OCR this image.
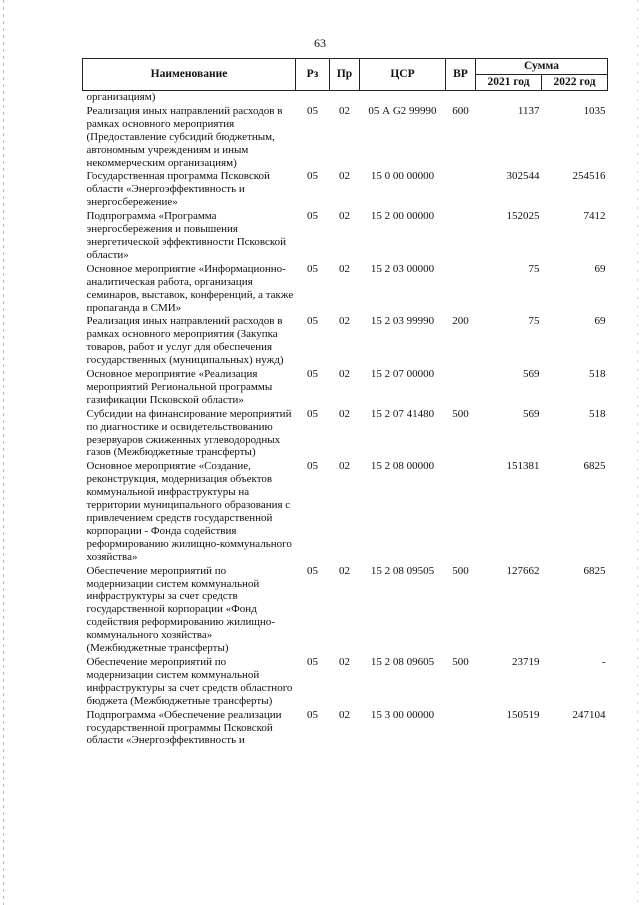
63
Наименование	Рз	Пр	ЦСР	ВР	Сумма	
					2021 год	2022 год
организациям)						
Реализация иных направлений расходов в рамках основного мероприятия (Предоставление субсидий бюджетным, автономным учреждениям и иным некоммерческим организациям)	05	02	05 А G2 99990	600	1137	1035
Государственная программа Псковской области «Энергоэффективность и энергосбережение»	05	02	15 0 00 00000		302544	254516
Подпрограмма «Программа энергосбережения и повышения энергетической эффективности Псковской области»	05	02	15 2 00 00000		152025	7412
Основное мероприятие «Информационно-аналитическая работа, организация семинаров, выставок, конференций, а также пропаганда в СМИ»	05	02	15 2 03 00000		75	69
Реализация иных направлений расходов в рамках основного мероприятия (Закупка товаров, работ и услуг для обеспечения государственных (муниципальных) нужд)	05	02	15 2 03 99990	200	75	69
Основное мероприятие «Реализация мероприятий Региональной программы газификации Псковской области»	05	02	15 2 07 00000		569	518
Субсидии на финансирование мероприятий по диагностике и освидетельствованию резервуаров сжиженных углеводородных газов (Межбюджетные трансферты)	05	02	15 2 07 41480	500	569	518
Основное мероприятие «Создание, реконструкция, модернизация объектов коммунальной инфраструктуры на территории муниципального образования с привлечением средств государственной корпорации - Фонда содействия реформированию жилищно-коммунального хозяйства»	05	02	15 2 08 00000		151381	6825
Обеспечение мероприятий по модернизации систем коммунальной инфраструктуры за счет средств государственной корпорации «Фонд содействия реформированию жилищно-коммунального хозяйства» (Межбюджетные трансферты)	05	02	15 2 08 09505	500	127662	6825
Обеспечение мероприятий по модернизации систем коммунальной инфраструктуры за счет средств областного бюджета (Межбюджетные трансферты)	05	02	15 2 08 09605	500	23719	-
Подпрограмма «Обеспечение реализации государственной программы Псковской области «Энергоэффективность и	05	02	15 3 00 00000		150519	247104
